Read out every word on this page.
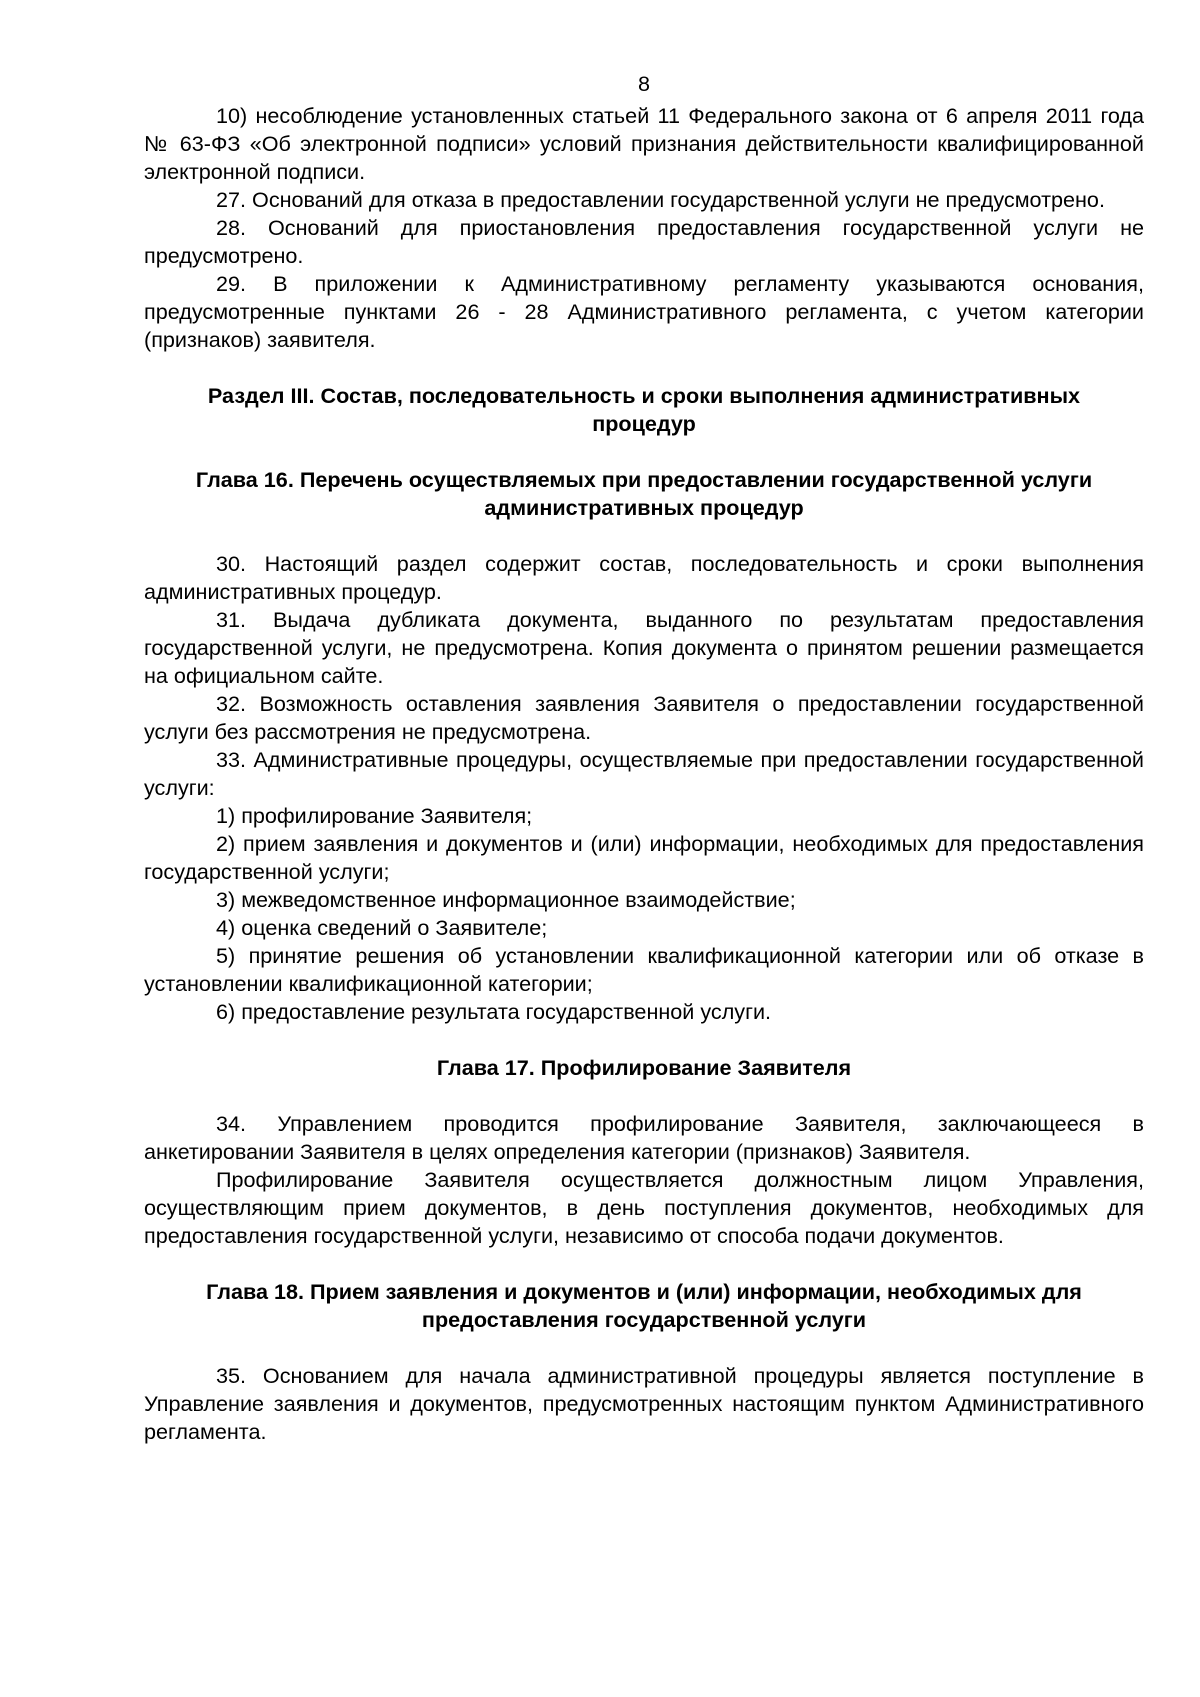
8

10) несоблюдение установленных статьей 11 Федерального закона от 6 апреля 2011 года № 63-ФЗ «Об электронной подписи» условий признания действительности квалифицированной электронной подписи.

27. Оснований для отказа в предоставлении государственной услуги не предусмотрено.

28. Оснований для приостановления предоставления государственной услуги не предусмотрено.

29. В приложении к Административному регламенту указываются основания, предусмотренные пунктами 26 - 28 Административного регламента, с учетом категории (признаков) заявителя.

Раздел III. Состав, последовательность и сроки выполнения административных процедур
Глава 16. Перечень осуществляемых при предоставлении государственной услуги административных процедур

30. Настоящий раздел содержит состав, последовательность и сроки выполнения административных процедур.

31. Выдача дубликата документа, выданного по результатам предоставления государственной услуги, не предусмотрена. Копия документа о принятом решении размещается на официальном сайте.

32. Возможность оставления заявления Заявителя о предоставлении государственной услуги без рассмотрения не предусмотрена.

33. Административные процедуры, осуществляемые при предоставлении государственной услуги:

1) профилирование Заявителя;

2) прием заявления и документов и (или) информации, необходимых для предоставления государственной услуги;

3) межведомственное информационное взаимодействие;

4) оценка сведений о Заявителе;

5) принятие решения об установлении квалификационной категории или об отказе в установлении квалификационной категории;

6) предоставление результата государственной услуги.

Глава 17. Профилирование Заявителя

34. Управлением проводится профилирование Заявителя, заключающееся в анкетировании Заявителя в целях определения категории (признаков) Заявителя.

Профилирование Заявителя осуществляется должностным лицом Управления, осуществляющим прием документов, в день поступления документов, необходимых для предоставления государственной услуги, независимо от способа подачи документов.

Глава 18. Прием заявления и документов и (или) информации, необходимых для предоставления государственной услуги

35. Основанием для начала административной процедуры является поступление в Управление заявления и документов, предусмотренных настоящим пунктом Административного регламента.
